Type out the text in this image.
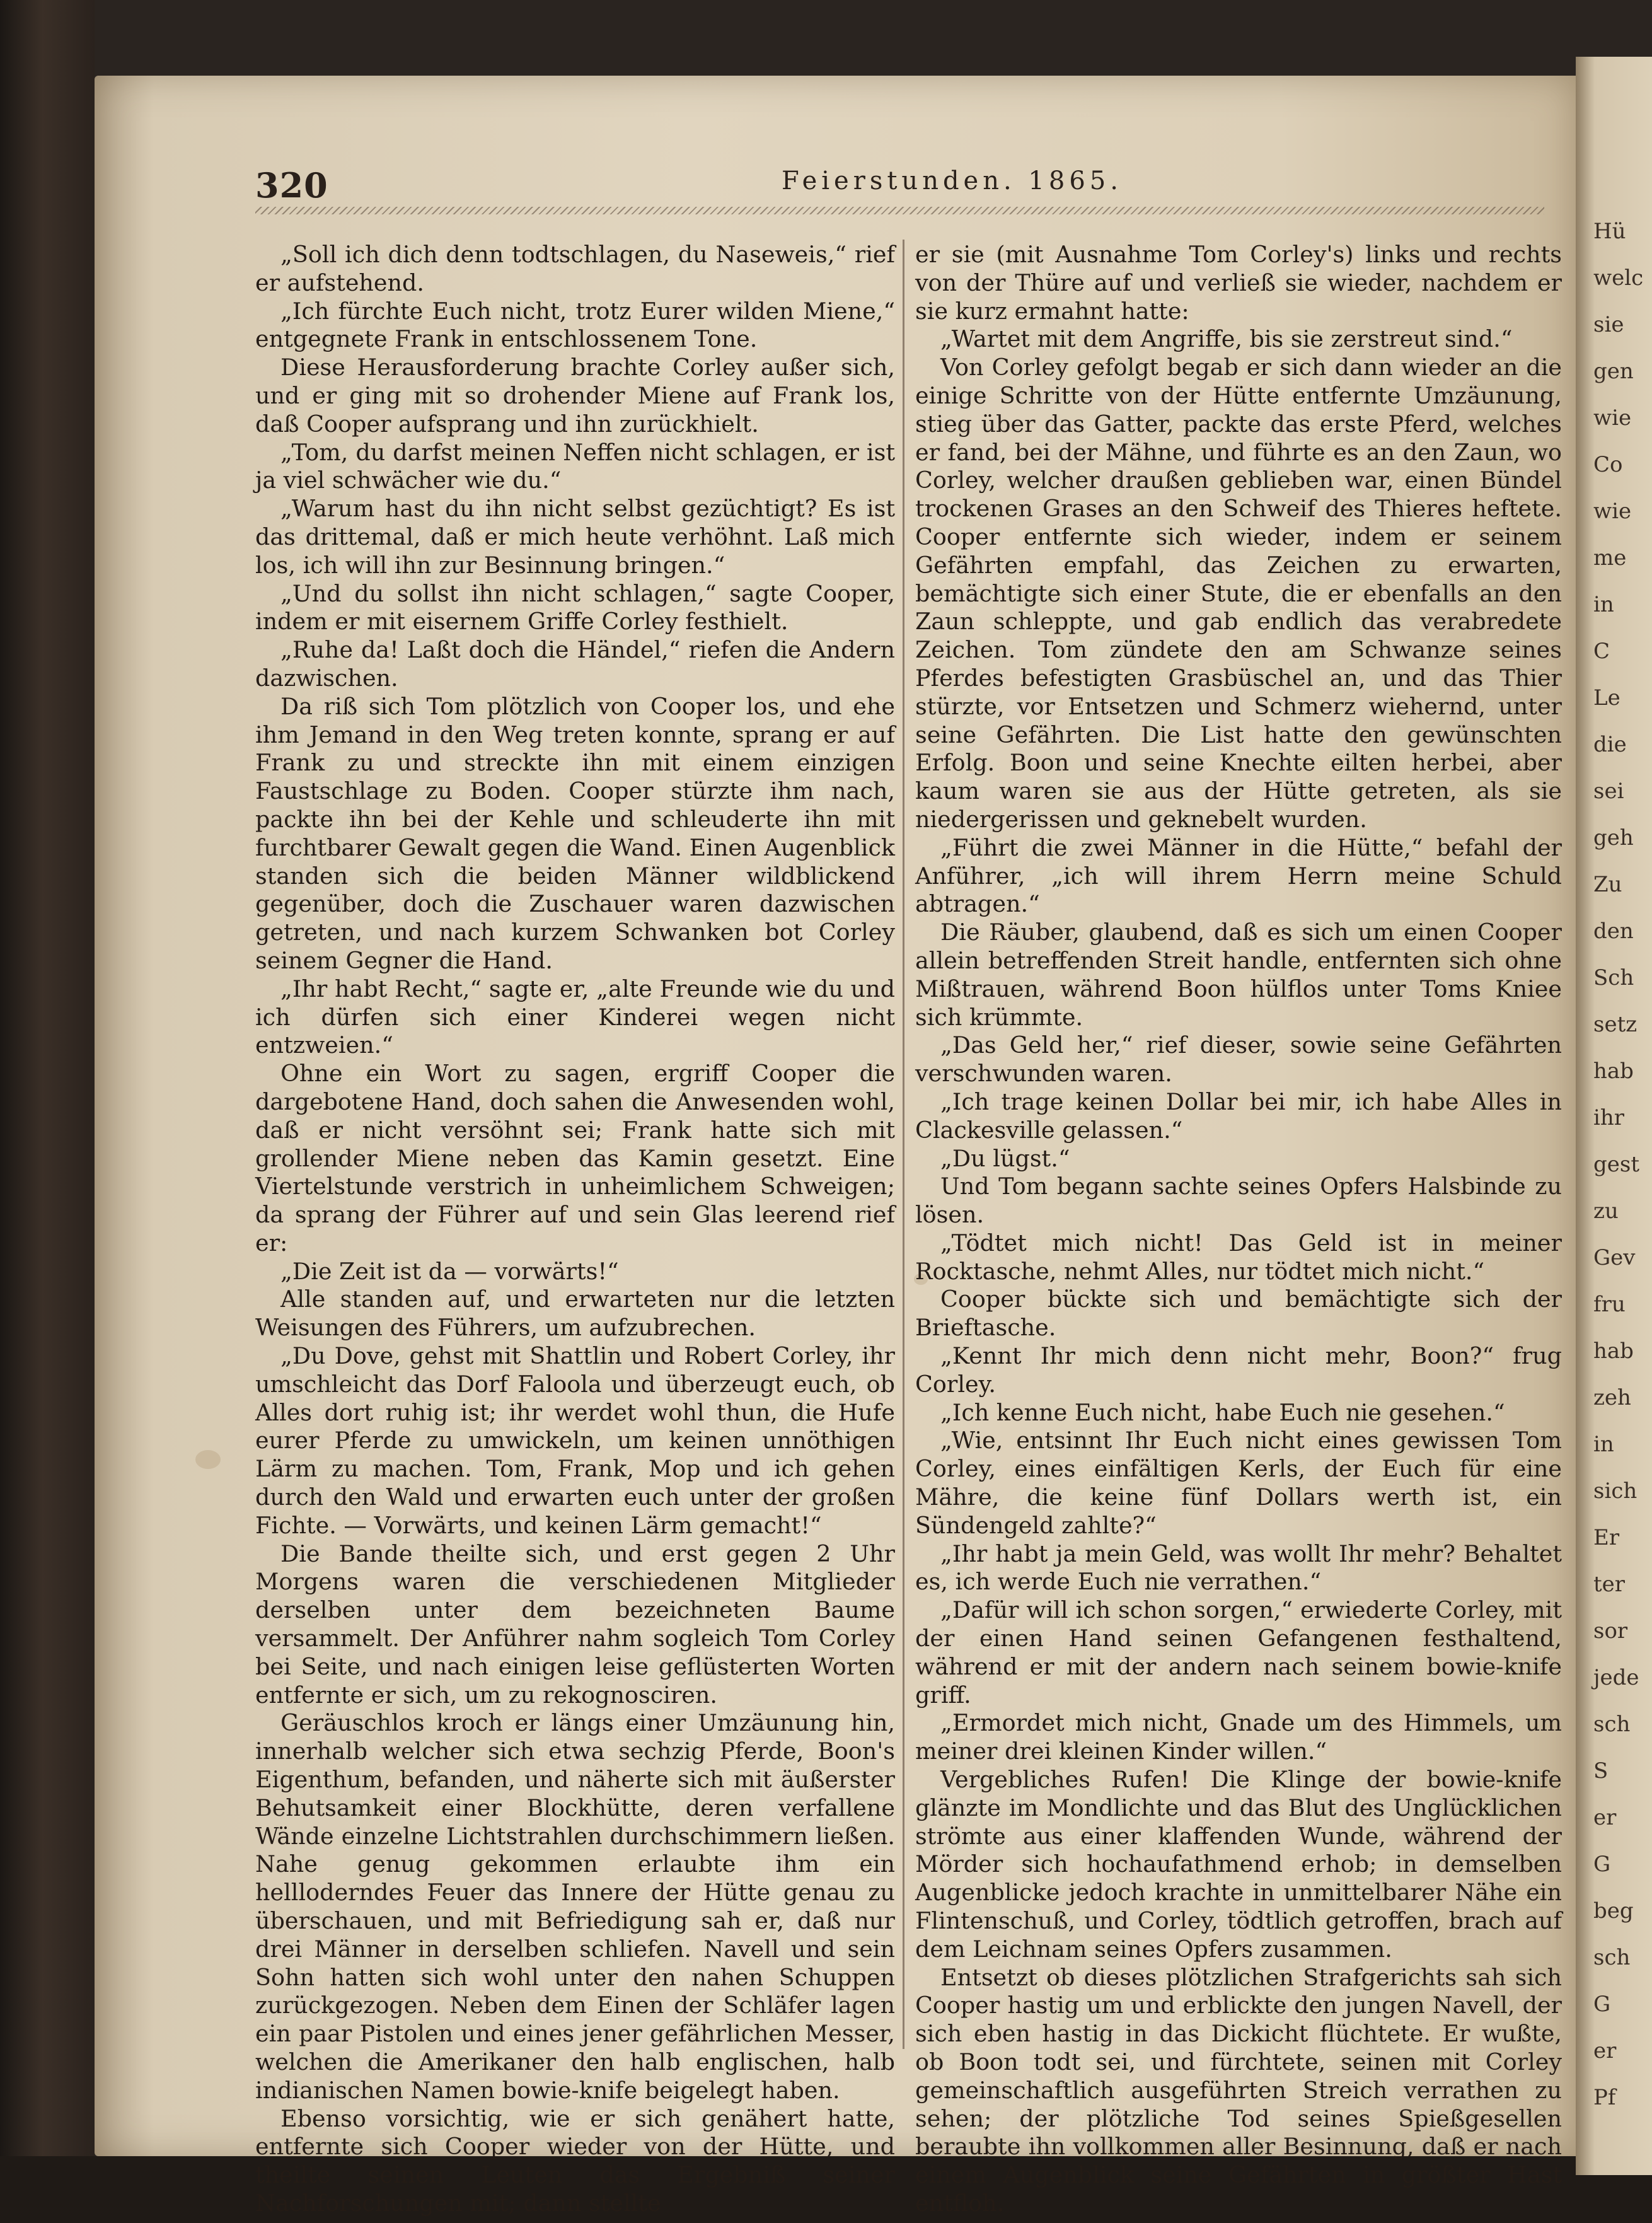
Hü
welc
sie
gen
wie
Co
wie
me
in
C
Le
die
sei
geh
Zu
den
Sch
setz
hab
ihr
gest
zu
Gev
fru
hab
zeh
in
sich
Er
ter
sor
jede
sch
S
er
G
beg
sch
G
er
Pf
320	Feierstunden. 1865.

„Soll ich dich denn todtschlagen, du Naseweis,“ rief er aufstehend.

„Ich fürchte Euch nicht, trotz Eurer wilden Miene,“ entgegnete Frank in entschlossenem Tone.

Diese Herausforderung brachte Corley außer sich, und er ging mit so drohender Miene auf Frank los, daß Cooper aufsprang und ihn zurückhielt.

„Tom, du darfst meinen Neffen nicht schlagen, er ist ja viel schwächer wie du.“

„Warum hast du ihn nicht selbst gezüchtigt? Es ist das drittemal, daß er mich heute verhöhnt. Laß mich los, ich will ihn zur Besinnung bringen.“

„Und du sollst ihn nicht schlagen,“ sagte Cooper, indem er mit eisernem Griffe Corley festhielt.

„Ruhe da! Laßt doch die Händel,“ riefen die Andern dazwischen.

Da riß sich Tom plötzlich von Cooper los, und ehe ihm Jemand in den Weg treten konnte, sprang er auf Frank zu und streckte ihn mit einem einzigen Faustschlage zu Boden. Cooper stürzte ihm nach, packte ihn bei der Kehle und schleuderte ihn mit furchtbarer Gewalt gegen die Wand. Einen Augenblick standen sich die beiden Männer wildblickend gegenüber, doch die Zuschauer waren dazwischen getreten, und nach kurzem Schwanken bot Corley seinem Gegner die Hand.

„Ihr habt Recht,“ sagte er, „alte Freunde wie du und ich dürfen sich einer Kinderei wegen nicht entzweien.“

Ohne ein Wort zu sagen, ergriff Cooper die dargebotene Hand, doch sahen die Anwesenden wohl, daß er nicht versöhnt sei; Frank hatte sich mit grollender Miene neben das Kamin gesetzt. Eine Viertelstunde verstrich in unheimlichem Schweigen; da sprang der Führer auf und sein Glas leerend rief er:

„Die Zeit ist da — vorwärts!“

Alle standen auf, und erwarteten nur die letzten Weisungen des Führers, um aufzubrechen.

„Du Dove, gehst mit Shattlin und Robert Corley, ihr umschleicht das Dorf Faloola und überzeugt euch, ob Alles dort ruhig ist; ihr werdet wohl thun, die Hufe eurer Pferde zu umwickeln, um keinen unnöthigen Lärm zu machen. Tom, Frank, Mop und ich gehen durch den Wald und erwarten euch unter der großen Fichte. — Vorwärts, und keinen Lärm gemacht!“

Die Bande theilte sich, und erst gegen 2 Uhr Morgens waren die verschiedenen Mitglieder derselben unter dem bezeichneten Baume versammelt. Der Anführer nahm sogleich Tom Corley bei Seite, und nach einigen leise geflüsterten Worten entfernte er sich, um zu rekognosciren.

Geräuschlos kroch er längs einer Umzäunung hin, innerhalb welcher sich etwa sechzig Pferde, Boon's Eigenthum, befanden, und näherte sich mit äußerster Behutsamkeit einer Blockhütte, deren verfallene Wände einzelne Lichtstrahlen durchschimmern ließen. Nahe genug gekommen erlaubte ihm ein hellloderndes Feuer das Innere der Hütte genau zu überschauen, und mit Befriedigung sah er, daß nur drei Männer in derselben schliefen. Navell und sein Sohn hatten sich wohl unter den nahen Schuppen zurückgezogen. Neben dem Einen der Schläfer lagen ein paar Pistolen und eines jener gefährlichen Messer, welchen die Amerikaner den halb englischen, halb indianischen Namen bowie-knife beigelegt haben.

Ebenso vorsichtig, wie er sich genähert hatte, entfernte sich Cooper wieder von der Hütte, und theilte seinen Leuten das Ergebniß seiner Nachforschungen mit; dann stellte

er sie (mit Ausnahme Tom Corley's) links und rechts von der Thüre auf und verließ sie wieder, nachdem er sie kurz ermahnt hatte:

„Wartet mit dem Angriffe, bis sie zerstreut sind.“

Von Corley gefolgt begab er sich dann wieder an die einige Schritte von der Hütte entfernte Umzäunung, stieg über das Gatter, packte das erste Pferd, welches er fand, bei der Mähne, und führte es an den Zaun, wo Corley, welcher draußen geblieben war, einen Bündel trockenen Grases an den Schweif des Thieres heftete. Cooper entfernte sich wieder, indem er seinem Gefährten empfahl, das Zeichen zu erwarten, bemächtigte sich einer Stute, die er ebenfalls an den Zaun schleppte, und gab endlich das verabredete Zeichen. Tom zündete den am Schwanze seines Pferdes befestigten Grasbüschel an, und das Thier stürzte, vor Entsetzen und Schmerz wiehernd, unter seine Gefährten. Die List hatte den gewünschten Erfolg. Boon und seine Knechte eilten herbei, aber kaum waren sie aus der Hütte getreten, als sie niedergerissen und geknebelt wurden.

„Führt die zwei Männer in die Hütte,“ befahl der Anführer, „ich will ihrem Herrn meine Schuld abtragen.“

Die Räuber, glaubend, daß es sich um einen Cooper allein betreffenden Streit handle, entfernten sich ohne Mißtrauen, während Boon hülflos unter Toms Kniee sich krümmte.

„Das Geld her,“ rief dieser, sowie seine Gefährten verschwunden waren.

„Ich trage keinen Dollar bei mir, ich habe Alles in Clackesville gelassen.“

„Du lügst.“

Und Tom begann sachte seines Opfers Halsbinde zu lösen.

„Tödtet mich nicht! Das Geld ist in meiner Rocktasche, nehmt Alles, nur tödtet mich nicht.“

Cooper bückte sich und bemächtigte sich der Brieftasche.

„Kennt Ihr mich denn nicht mehr, Boon?“ frug Corley.

„Ich kenne Euch nicht, habe Euch nie gesehen.“

„Wie, entsinnt Ihr Euch nicht eines gewissen Tom Corley, eines einfältigen Kerls, der Euch für eine Mähre, die keine fünf Dollars werth ist, ein Sündengeld zahlte?“

„Ihr habt ja mein Geld, was wollt Ihr mehr? Behaltet es, ich werde Euch nie verrathen.“

„Dafür will ich schon sorgen,“ erwiederte Corley, mit der einen Hand seinen Gefangenen festhaltend, während er mit der andern nach seinem bowie-knife griff.

„Ermordet mich nicht, Gnade um des Himmels, um meiner drei kleinen Kinder willen.“

Vergebliches Rufen! Die Klinge der bowie-knife glänzte im Mondlichte und das Blut des Unglücklichen strömte aus einer klaffenden Wunde, während der Mörder sich hochaufathmend erhob; in demselben Augenblicke jedoch krachte in unmittelbarer Nähe ein Flintenschuß, und Corley, tödtlich getroffen, brach auf dem Leichnam seines Opfers zusammen.

Entsetzt ob dieses plötzlichen Strafgerichts sah sich Cooper hastig um und erblickte den jungen Navell, der sich eben hastig in das Dickicht flüchtete. Er wußte, ob Boon todt sei, und fürchtete, seinen mit Corley gemeinschaftlich ausgeführten Streich verrathen zu sehen; der plötzliche Tod seines Spießgesellen beraubte ihn vollkommen aller Besinnung, daß er nach einem Augenblick seine Gefährten in größter Hast entfloh.
